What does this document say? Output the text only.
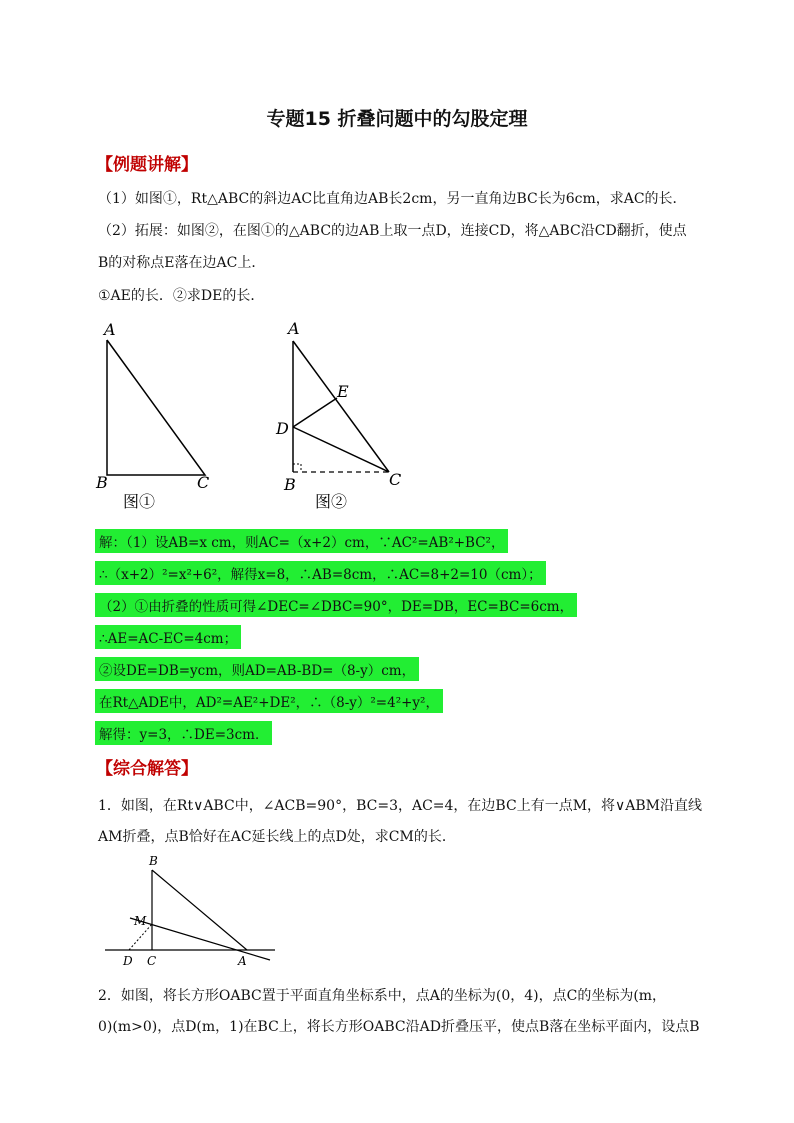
专题15 折叠问题中的勾股定理
【例题讲解】
（1）如图①，Rt△ABC的斜边AC比直角边AB长2cm，另一直角边BC长为6cm，求AC的长．
（2）拓展：如图②，在图①的△ABC的边AB上取一点D，连接CD，将△ABC沿CD翻折，使点
B的对称点E落在边AC上．
①AE的长．②求DE的长．
A
B	C
图①
A
E
D
B	C
图②
解：（1）设AB=x cm，则AC=（x+2）cm，∵AC²=AB²+BC²，
∴（x+2）²=x²+6²，解得x=8，∴AB=8cm，∴AC=8+2=10（cm）；
（2）①由折叠的性质可得∠DEC=∠DBC=90°，DE=DB，EC=BC=6cm，
∴AE=AC-EC=4cm；
②设DE=DB=ycm，则AD=AB-BD=（8-y）cm，
在Rt△ADE中，AD²=AE²+DE²，∴（8-y）²=4²+y²，
解得：y=3，∴DE=3cm．
【综合解答】
1．如图，在Rt∨ABC中，∠ACB=90°，BC=3，AC=4，在边BC上有一点M，将∨ABM沿直线
AM折叠，点B恰好在AC延长线上的点D处，求CM的长．
B
M
D C	A
2．如图，将长方形OABC置于平面直角坐标系中，点A的坐标为(0，4)，点C的坐标为(m，
0)(m>0)，点D(m，1)在BC上，将长方形OABC沿AD折叠压平，使点B落在坐标平面内，设点B
